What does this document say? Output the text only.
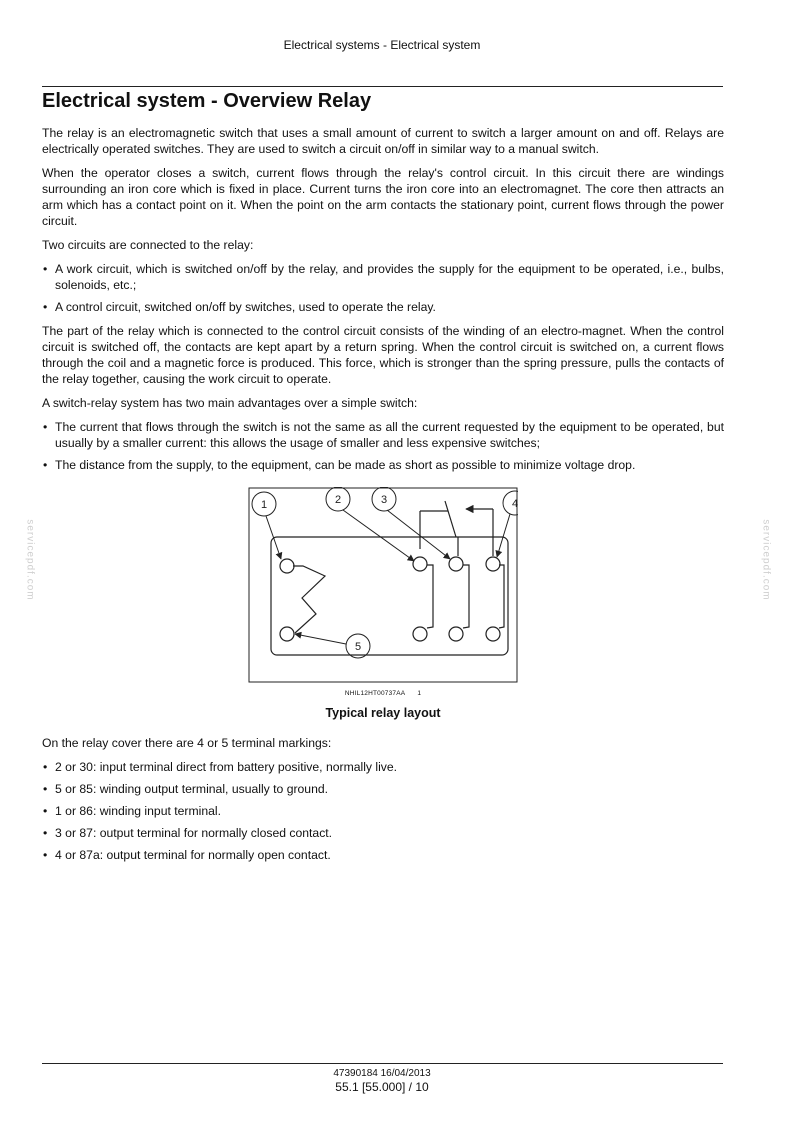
Electrical systems - Electrical system
Electrical system - Overview Relay
servicepdf.com	servicepdf.com

The relay is an electromagnetic switch that uses a small amount of current to switch a larger amount on and off. Relays are electrically operated switches. They are used to switch a circuit on/off in similar way to a manual switch.

When the operator closes a switch, current flows through the relay's control circuit. In this circuit there are windings surrounding an iron core which is fixed in place. Current turns the iron core into an electromagnet. The core then attracts an arm which has a contact point on it. When the point on the arm contacts the stationary point, current flows through the power circuit.

Two circuits are connected to the relay:

• A work circuit, which is switched on/off by the relay, and provides the supply for the equipment to be operated, i.e., bulbs, solenoids, etc.;
• A control circuit, switched on/off by switches, used to operate the relay.

The part of the relay which is connected to the control circuit consists of the winding of an electro-magnet. When the control circuit is switched off, the contacts are kept apart by a return spring. When the control circuit is switched on, a current flows through the coil and a magnetic force is produced. This force, which is stronger than the spring pressure, pulls the contacts of the relay together, causing the work circuit to operate.

A switch-relay system has two main advantages over a simple switch:

• The current that flows through the switch is not the same as all the current requested by the equipment to be operated, but usually by a smaller current: this allows the usage of smaller and less expensive switches;
• The distance from the supply, to the equipment, can be made as short as possible to minimize voltage drop.
1	2	3	4
5
NHIL12HT00737AA 1
Typical relay layout

On the relay cover there are 4 or 5 terminal markings:

• 2 or 30: input terminal direct from battery positive, normally live.
• 5 or 85: winding output terminal, usually to ground.
• 1 or 86: winding input terminal.
• 3 or 87: output terminal for normally closed contact.
• 4 or 87a: output terminal for normally open contact.
47390184 16/04/2013
55.1 [55.000] / 10
